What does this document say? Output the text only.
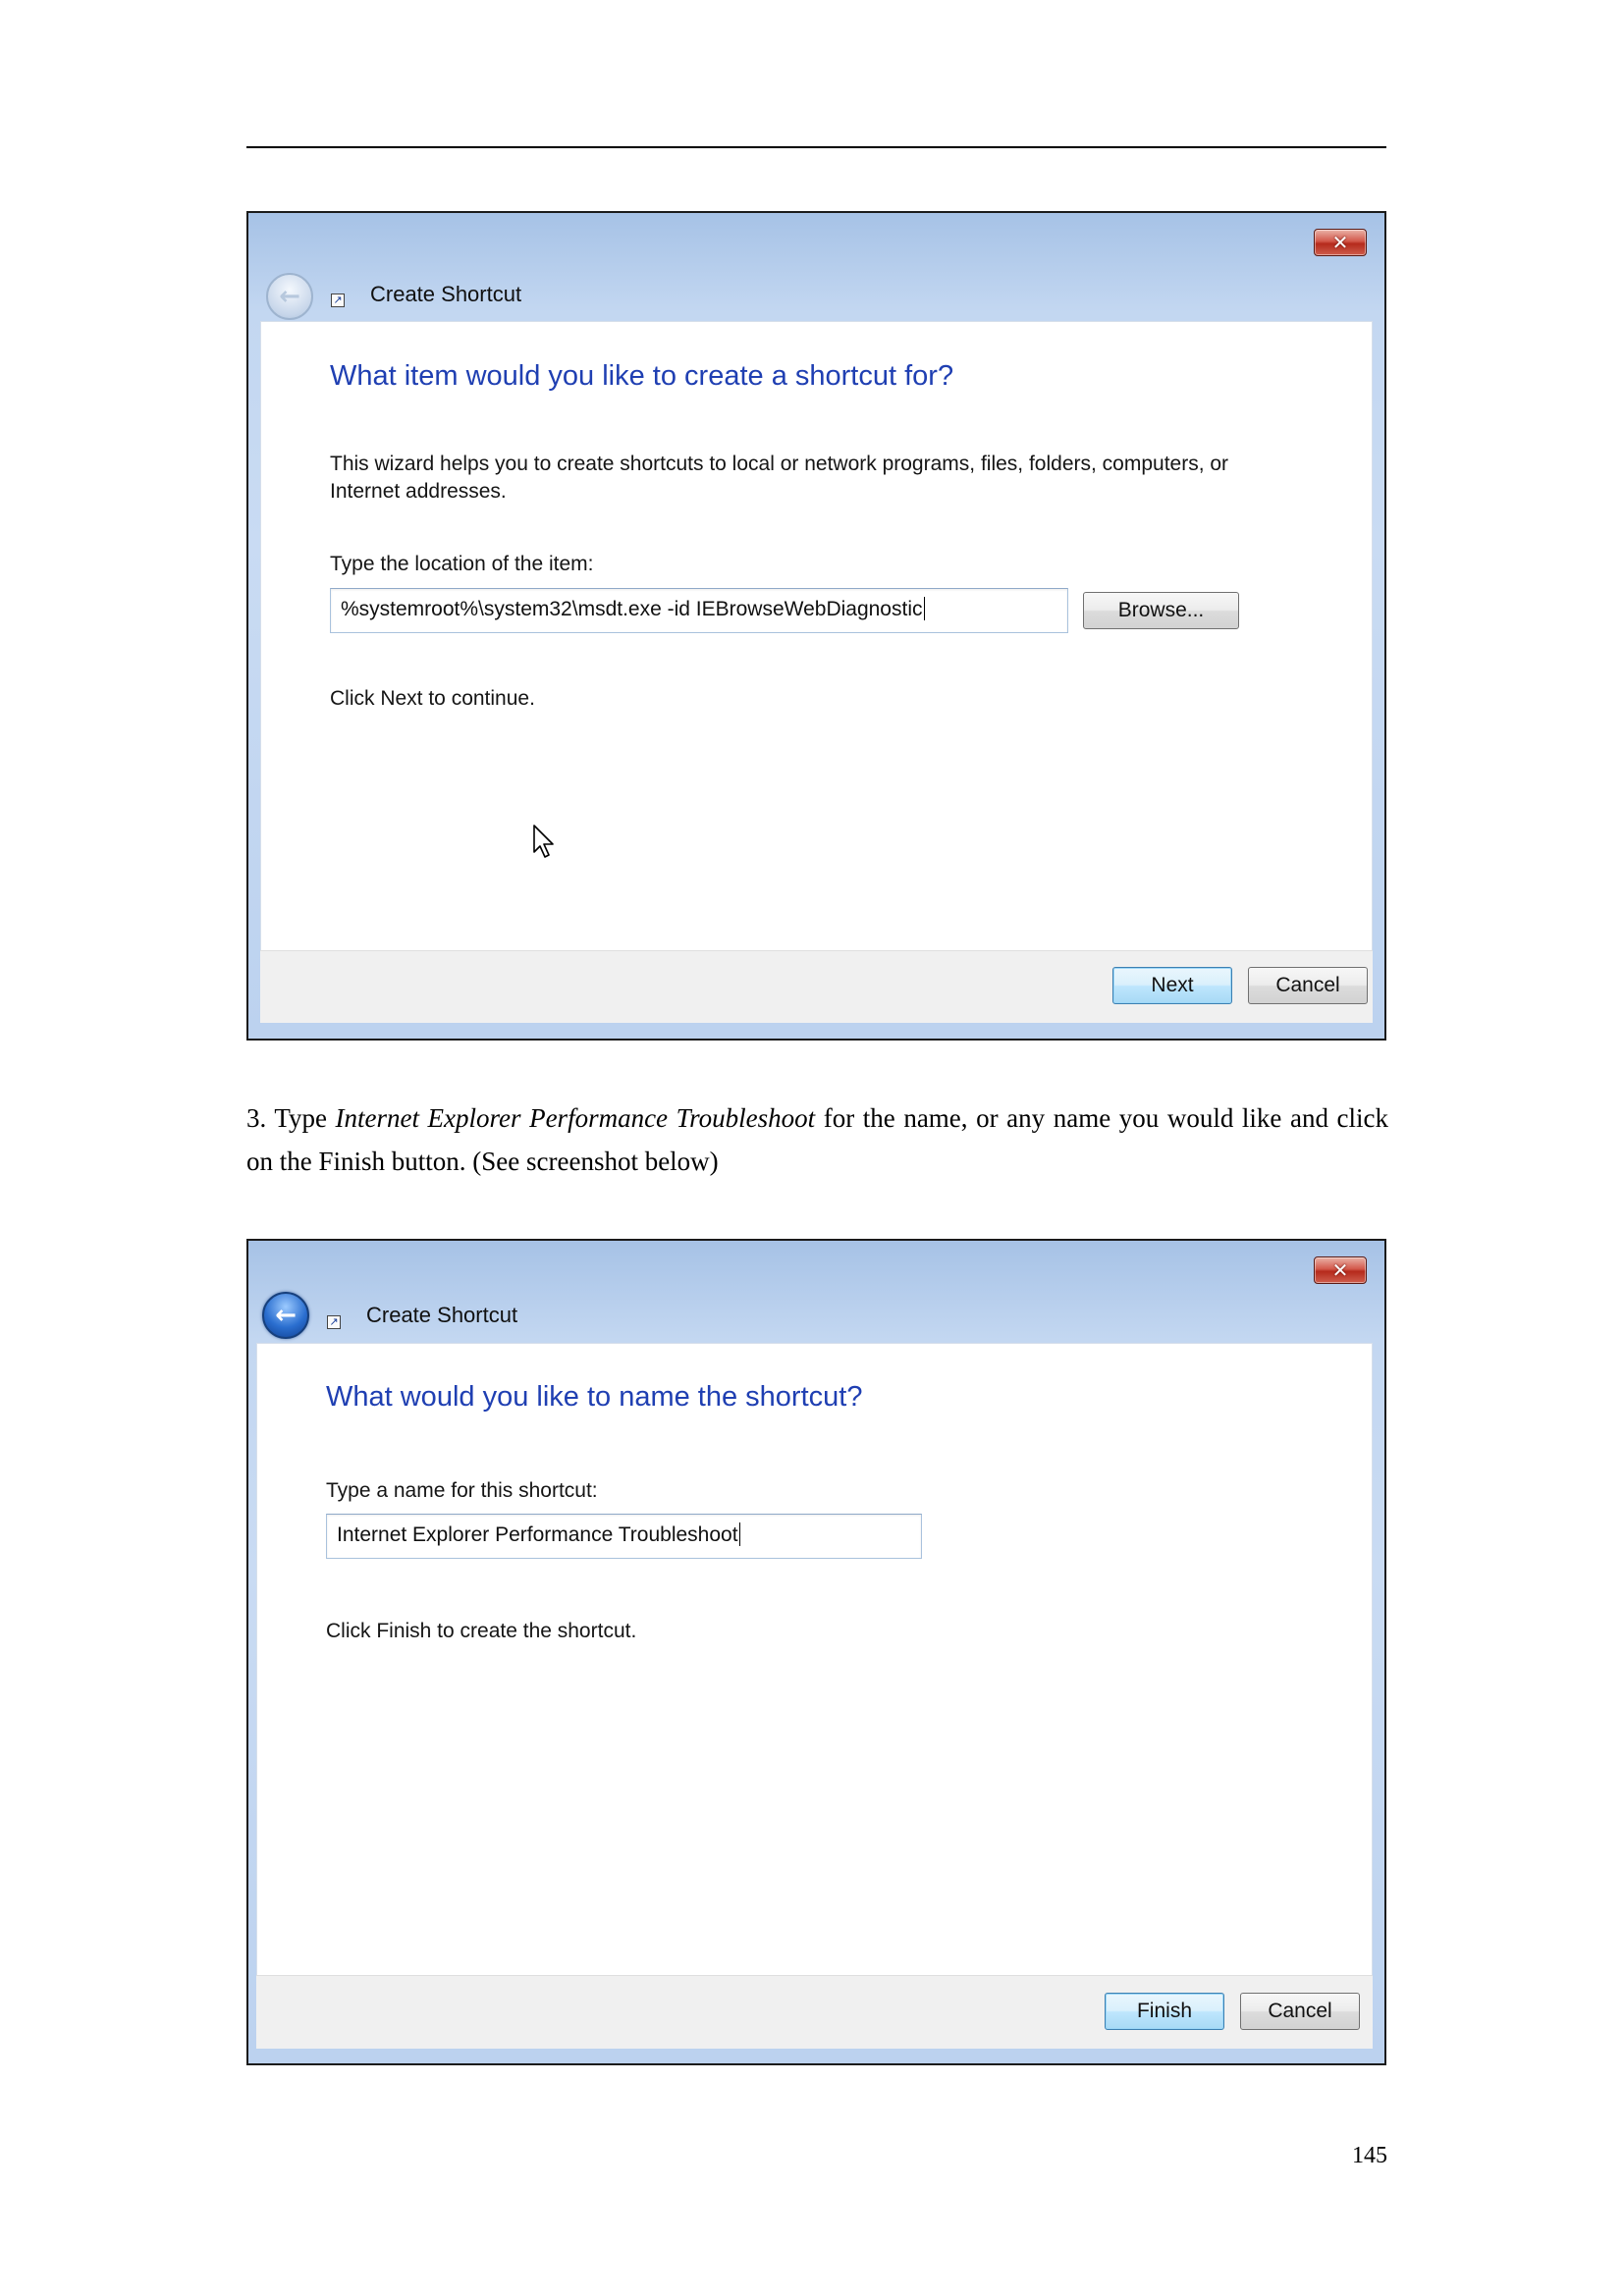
✕
←	↗ Create Shortcut
What item would you like to create a shortcut for?
This wizard helps you to create shortcuts to local or network programs, files, folders, computers, or Internet addresses.
Type the location of the item:
%systemroot%\system32\msdt.exe -id IEBrowseWebDiagnostic	Browse...
Click Next to continue.
Next	Cancel

3. Type Internet Explorer Performance Troubleshoot for the name, or any name you would like and click on the Finish button. (See screenshot below)

✕
←	↗ Create Shortcut
What would you like to name the shortcut?
Type a name for this shortcut:
Internet Explorer Performance Troubleshoot
Click Finish to create the shortcut.
Finish	Cancel
145
